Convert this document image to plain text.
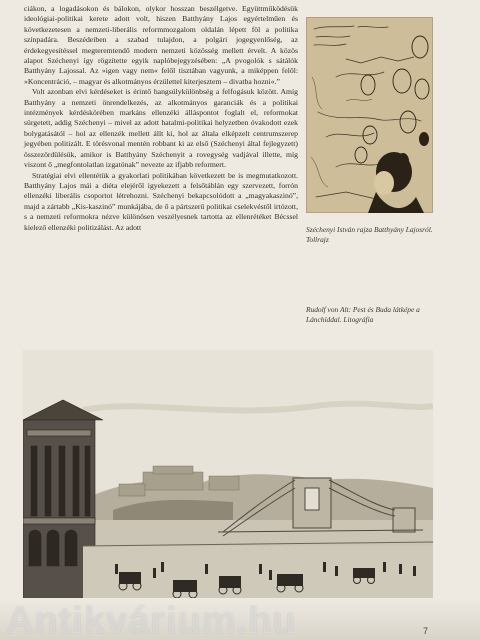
ciákon, a logadásokon és bálokon, olykor hosszan beszélgetve. Együttműködésük ideológiai-politikai kerete adott volt, hiszen Batthyány Lajos egyértelműen és következetesen a nemzeti-liberális reformmozgalom oldalán lépett föl a politika színpadára. Beszédeiben a szabad tulajdon, a polgári jogegyenlőség, az érdekegyesítéssel megteremtendő modern nemzeti közösség mellett érvelt. A közös alapot Széchenyi így rögzítette egyik naplóbejegyzésében: „A pvogolók s sátálók Batthyány Lajossal. Az »igen vagy nem« felől tisztában vagyunk, a miképpen felől: »Koncentráció, – magyar és alkotmányos érzülettel kiterjesztem – divatba hozni«.”

Volt azonban elvi kérdéseket is érintő hangsúlykülönbség a felfogásuk között. Amíg Batthyány a nemzeti önrendelkezés, az alkotmányos garanciák és a politikai intézmények kérdéskörében markáns ellenzéki álláspontot foglalt el, reformokat sürgetett, addig Széchenyi – mivel az adott hatalmi-politikai helyzetben óvakodott ezek bolygatásától – hol az ellenzék mellett állt ki, hol az általa elképzelt centrumszerep jegyében politizált. E törésvonal mentén robbant ki az első (Széchenyi által fejlegyzett) összezördülésük, amikor is Batthyány Széchenyit a rovegység vadjával illette, míg viszont ő „megfontolatlan izgatónak” nevezte az ifjabb reformert.

Stratégiai elvi ellentétük a gyakorlati politikában következett be is megmutatkozott. Batthyány Lajos mái a diéta elejéről igyekezett a felsőtáblán egy szervezett, forrón ellenzéki liberális csoportot létrehozni. Széchenyi bekapcsolódott a „magyakaszinó”, majd a zártabb „Kis-kaszinó” munkájába, de ő a pártszerű politikai cselekvéstől irtózott, s a nemzeti reformokra nézve különösen veszélyesnek tartotta az ellenrétéket Bécssel kielező ellenzéki politizálást. Az adott	Széchenyi István rajza Batthyány Lajosról. Tollrajz

Rudolf von Alt: Pest és Buda látképe a Lánchíddal. Litográfia

Antikvárium.hu	7
